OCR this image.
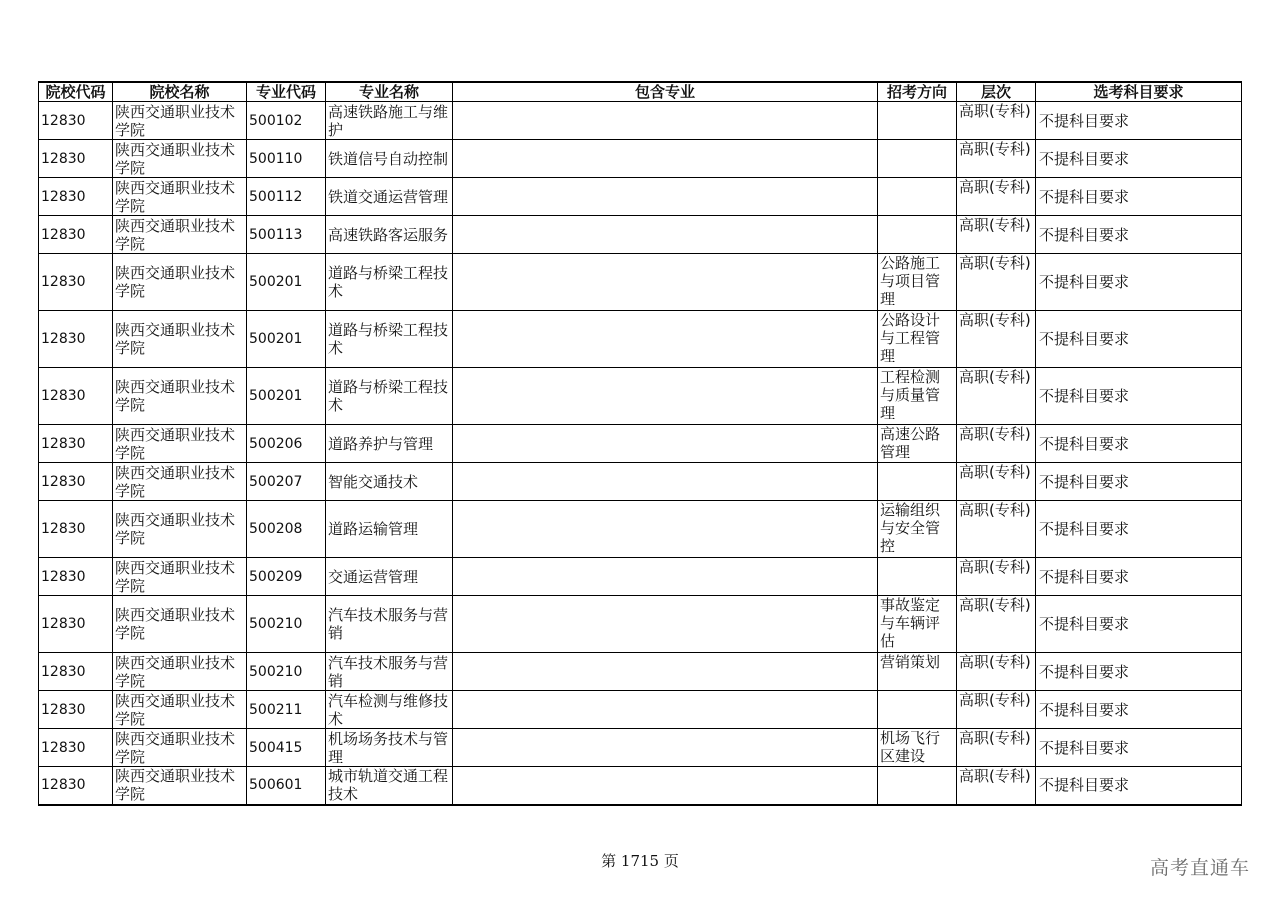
院校代码	院校名称	专业代码	专业名称	包含专业	招考方向	层次	选考科目要求
12830	陕西交通职业技术学院	500102	高速铁路施工与维护			高职(专科)	不提科目要求
12830	陕西交通职业技术学院	500110	铁道信号自动控制			高职(专科)	不提科目要求
12830	陕西交通职业技术学院	500112	铁道交通运营管理			高职(专科)	不提科目要求
12830	陕西交通职业技术学院	500113	高速铁路客运服务			高职(专科)	不提科目要求
12830	陕西交通职业技术学院	500201	道路与桥梁工程技术		公路施工与项目管理	高职(专科)	不提科目要求
12830	陕西交通职业技术学院	500201	道路与桥梁工程技术		公路设计与工程管理	高职(专科)	不提科目要求
12830	陕西交通职业技术学院	500201	道路与桥梁工程技术		工程检测与质量管理	高职(专科)	不提科目要求
12830	陕西交通职业技术学院	500206	道路养护与管理		高速公路管理	高职(专科)	不提科目要求
12830	陕西交通职业技术学院	500207	智能交通技术			高职(专科)	不提科目要求
12830	陕西交通职业技术学院	500208	道路运输管理		运输组织与安全管控	高职(专科)	不提科目要求
12830	陕西交通职业技术学院	500209	交通运营管理			高职(专科)	不提科目要求
12830	陕西交通职业技术学院	500210	汽车技术服务与营销		事故鉴定与车辆评估	高职(专科)	不提科目要求
12830	陕西交通职业技术学院	500210	汽车技术服务与营销		营销策划	高职(专科)	不提科目要求
12830	陕西交通职业技术学院	500211	汽车检测与维修技术			高职(专科)	不提科目要求
12830	陕西交通职业技术学院	500415	机场场务技术与管理		机场飞行区建设	高职(专科)	不提科目要求
12830	陕西交通职业技术学院	500601	城市轨道交通工程技术			高职(专科)	不提科目要求
第 1715 页	高考直通车
